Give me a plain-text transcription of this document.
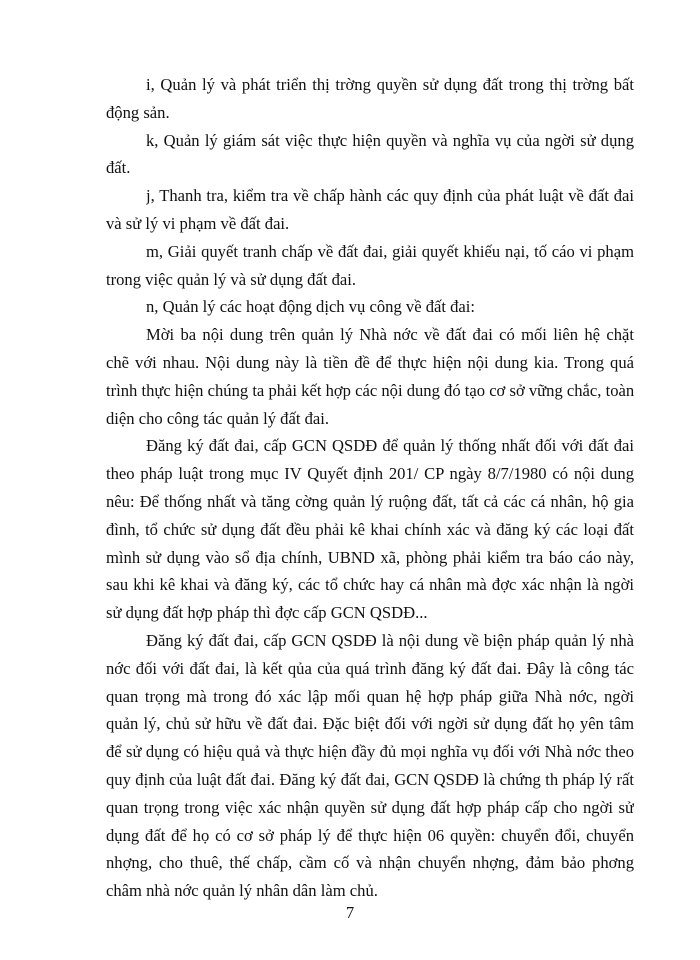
i, Quản lý và phát triển thị trờng quyền sử dụng đất trong thị trờng bất
động sản.
k, Quản lý giám sát việc thực hiện quyền và nghĩa vụ của ngời sử dụng
đất.
j, Thanh tra, kiểm tra về chấp hành các quy định của phát luật về đất đai
và sử lý vi phạm về đất đai.
m, Giải quyết tranh chấp về đất đai, giải quyết khiếu nại, tố cáo vi phạm
trong việc quản lý và sử dụng đất đai.
n, Quản lý các hoạt động dịch vụ công về đất đai:
Mời ba nội dung trên quản lý Nhà nớc về đất đai có mối liên hệ chặt
chẽ với nhau. Nội dung này là tiền đề để thực hiện nội dung kia. Trong quá
trình thực hiện chúng ta phải kết hợp các nội dung đó tạo cơ sở vững chắc, toàn
diện cho công tác quản lý đất đai.
Đăng ký đất đai, cấp GCN QSDĐ để quản lý thống nhất đối với đất đai
theo pháp luật trong mục IV Quyết định 201/ CP ngày 8/7/1980 có nội dung
nêu: Để thống nhất và tăng cờng quản lý ruộng đất, tất cả các cá nhân, hộ gia
đình, tổ chức sử dụng đất đều phải kê khai chính xác và đăng ký các loại đất
mình sử dụng vào sổ địa chính, UBND xã, phòng phải kiểm tra báo cáo này,
sau khi kê khai và đăng ký, các tổ chức hay cá nhân mà đợc xác nhận là ngời
sử dụng đất hợp pháp thì đợc cấp GCN QSDĐ...
Đăng ký đất đai, cấp GCN QSDĐ là nội dung về biện pháp quản lý nhà
nớc đối với đất đai, là kết qủa của quá trình đăng ký đất đai. Đây là công tác
quan trọng mà trong đó xác lập mối quan hệ hợp pháp giữa Nhà nớc, ngời
quản lý, chủ sử hữu về đất đai. Đặc biệt đối với ngời sử dụng đất họ yên tâm
để sử dụng có hiệu quả và thực hiện đầy đủ mọi nghĩa vụ đối với Nhà nớc theo
quy định của luật đất đai. Đăng ký đất đai, GCN QSDĐ là chứng th pháp lý rất
quan trọng trong việc xác nhận quyền sử dụng đất hợp pháp cấp cho ngời sử
dụng đất để họ có cơ sở pháp lý để thực hiện 06 quyền: chuyển đổi, chuyển
nhợng, cho thuê, thế chấp, cầm cố và nhận chuyển nhợng, đảm bảo phơng
châm nhà nớc quản lý nhân dân làm chủ.
7
